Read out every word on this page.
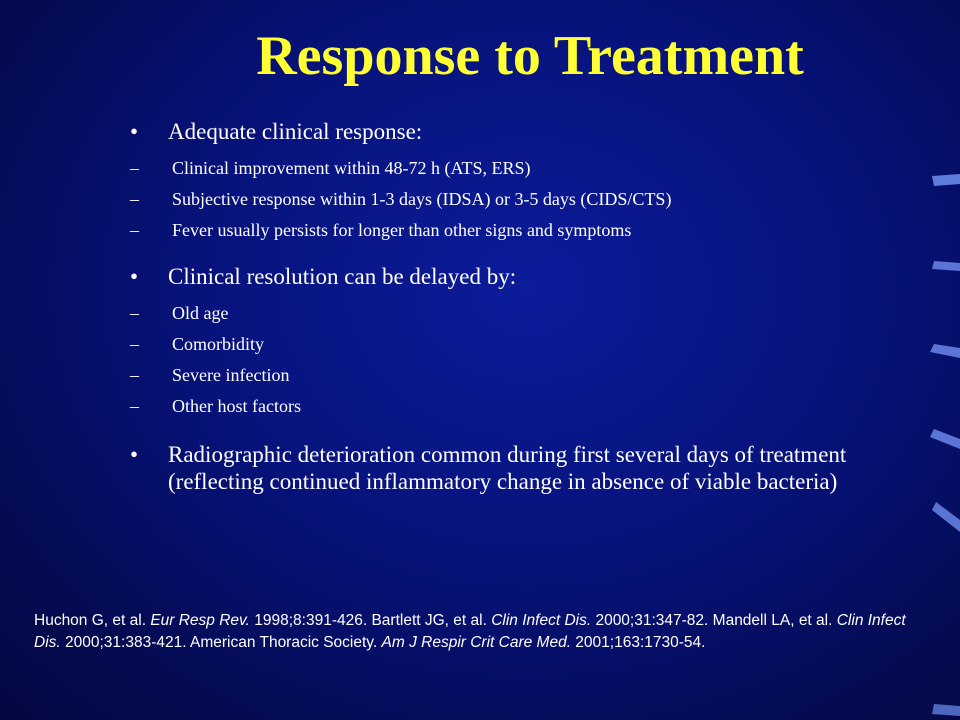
Response to Treatment
• Adequate clinical response:
– Clinical improvement within 48-72 h (ATS, ERS)
– Subjective response within 1-3 days (IDSA) or 3-5 days (CIDS/CTS)
– Fever usually persists for longer than other signs and symptoms
• Clinical resolution can be delayed by:
– Old age
– Comorbidity
– Severe infection
– Other host factors
• Radiographic deterioration common during first several days of treatment (reflecting continued inflammatory change in absence of viable bacteria)
Huchon G, et al. Eur Resp Rev. 1998;8:391-426. Bartlett JG, et al. Clin Infect Dis. 2000;31:347-82. Mandell LA, et al. Clin Infect Dis. 2000;31:383-421. American Thoracic Society. Am J Respir Crit Care Med. 2001;163:1730-54.
